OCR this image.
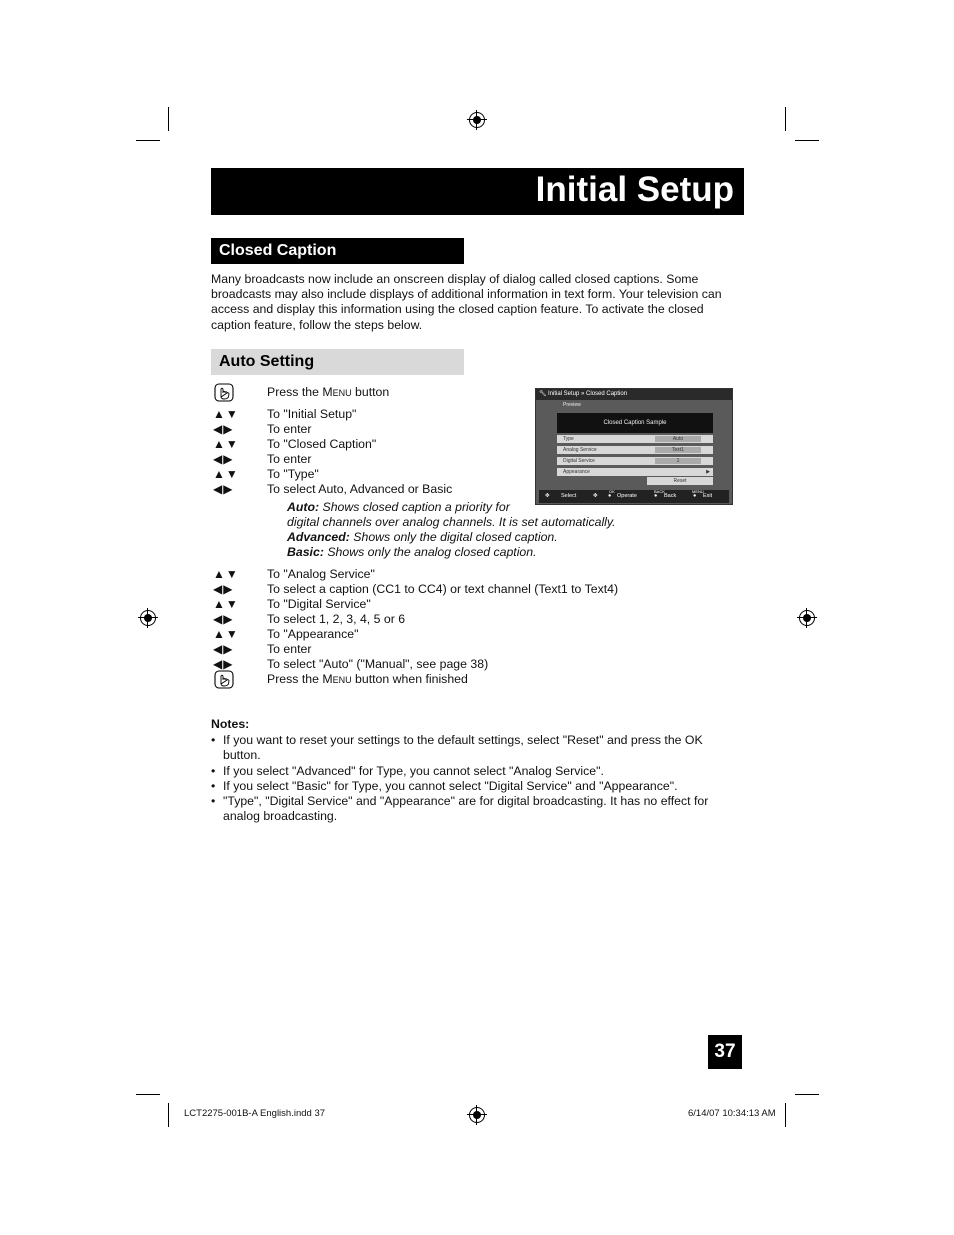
Initial Setup
Closed Caption
Many broadcasts now include an onscreen display of dialog called closed captions. Some broadcasts may also include displays of additional information in text form. Your television can access and display this information using the closed caption feature. To activate the closed caption feature, follow the steps below.
Auto Setting
Press the Menu button
▲▼ To "Initial Setup"
◀▶	To enter
▲▼ To "Closed Caption"
◀▶	To enter
▲▼ To "Type"
◀▶	To select Auto, Advanced or Basic
🔧︎ Initial Setup » Closed Caption
Preview
Closed Caption Sample
Type	Auto
Analog Service	Text1
Digital Service	1
Appearance	▶
Reset
✥ Select	✥
OK
● Operate
BACK
● Back
MENU
● Exit
Auto: Shows closed caption a priority for
digital channels over analog channels. It is set automatically.
Advanced: Shows only the digital closed caption.
Basic: Shows only the analog closed caption.
▲▼ To "Analog Service"
◀▶	To select a caption (CC1 to CC4) or text channel (Text1 to Text4)
▲▼ To "Digital Service"
◀▶	To select 1, 2, 3, 4, 5 or 6
▲▼ To "Appearance"
◀▶	To enter
◀▶	To select "Auto" ("Manual", see page 38)
Press the Menu button when finished
Notes:
• If you want to reset your settings to the default settings, select "Reset" and press the OK button.
• If you select "Advanced" for Type, you cannot select "Analog Service".
• If you select "Basic" for Type, you cannot select "Digital Service" and "Appearance".
• "Type", "Digital Service" and "Appearance" are for digital broadcasting. It has no effect for analog broadcasting.
37
LCT2275-001B-A English.indd 37	6/14/07 10:34:13 AM
